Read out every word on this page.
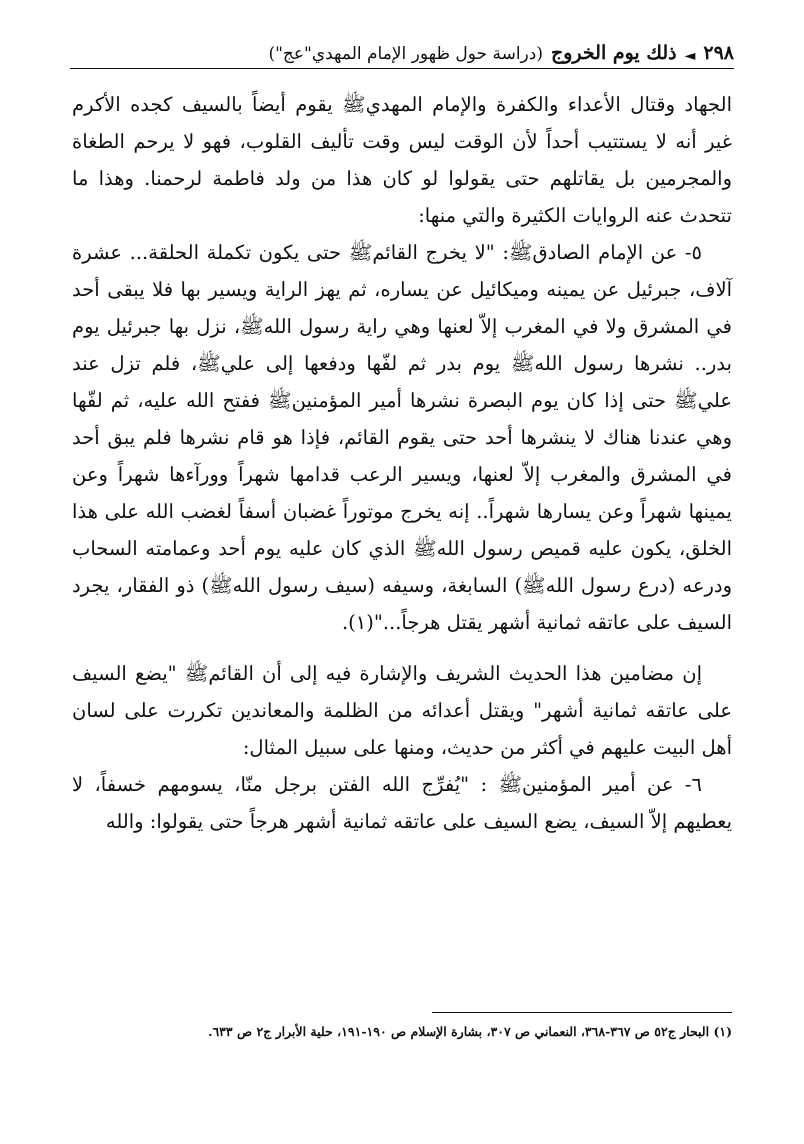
٢٩٨
◄
ذلك يوم الخروج
(دراسة حول ظهور الإمام المهدي"عج")

الجهاد وقتال الأعداء والكفرة والإمام المهديﷺ يقوم أيضاً بالسيف كجده الأكرم غير أنه لا يستتيب أحداً لأن الوقت ليس وقت تأليف القلوب، فهو لا يرحم الطغاة والمجرمين بل يقاتلهم حتى يقولوا لو كان هذا من ولد فاطمة لرحمنا. وهذا ما تتحدث عنه الروايات الكثيرة والتي منها:

٥- عن الإمام الصادقﷺ: "لا يخرج القائمﷺ حتى يكون تكملة الحلقة... عشرة آلاف، جبرئيل عن يمينه وميكائيل عن يساره، ثم يهز الراية ويسير بها فلا يبقى أحد في المشرق ولا في المغرب إلاّ لعنها وهي راية رسول اللهﷺ، نزل بها جبرئيل يوم بدر.. نشرها رسول اللهﷺ يوم بدر ثم لفّها ودفعها إلى عليﷺ، فلم تزل عند عليﷺ حتى إذا كان يوم البصرة نشرها أمير المؤمنينﷺ ففتح الله عليه، ثم لفّها وهي عندنا هناك لا ينشرها أحد حتى يقوم القائم، فإذا هو قام نشرها فلم يبق أحد في المشرق والمغرب إلاّ لعنها، ويسير الرعب قدامها شهراً وورآءها شهراً وعن يمينها شهراً وعن يسارها شهراً.. إنه يخرج موتوراً غضبان أسفاً لغضب الله على هذا الخلق، يكون عليه قميص رسول اللهﷺ الذي كان عليه يوم أحد وعمامته السحاب ودرعه (درع رسول اللهﷺ) السابغة، وسيفه (سيف رسول اللهﷺ) ذو الفقار، يجرد السيف على عاتقه ثمانية أشهر يقتل هرجاً..."(١).

إن مضامين هذا الحديث الشريف والإشارة فيه إلى أن القائمﷺ "يضع السيف على عاتقه ثمانية أشهر" ويقتل أعدائه من الظلمة والمعاندين تكررت على لسان أهل البيت عليهم في أكثر من حديث، ومنها على سبيل المثال:

٦- عن أمير المؤمنينﷺ : "يُفرِّج الله الفتن برجل منّا، يسومهم خسفاً، لا يعطيهم إلاّ السيف، يضع السيف على عاتقه ثمانية أشهر هرجاً حتى يقولوا: والله

(١) البحار ج٥٢ ص ٣٦٧-٣٦٨، النعماني ص ٣٠٧، بشارة الإسلام ص ١٩٠-١٩١، حلية الأبرار ج٢ ص ٦٣٣.
